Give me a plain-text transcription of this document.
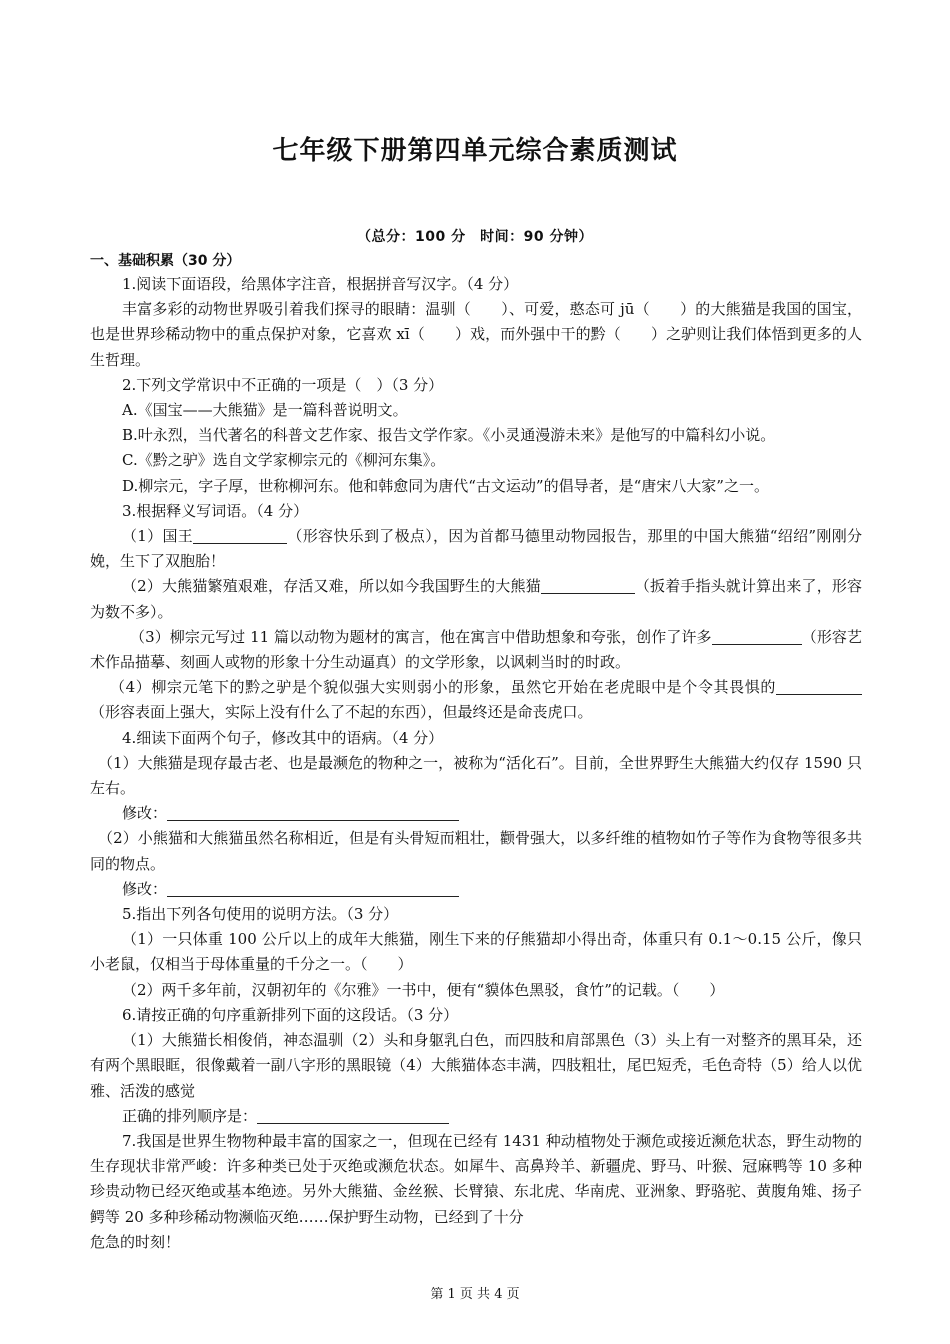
七年级下册第四单元综合素质测试
（总分：100 分　时间：90 分钟）
一、基础积累（30 分）

1.阅读下面语段，给黑体字注音，根据拼音写汉字。（4 分）

丰富多彩的动物世界吸引着我们探寻的眼睛：温驯（　　）、可爱，憨态可 jū（　　）的大熊猫是我国的国宝，也是世界珍稀动物中的重点保护对象，它喜欢 xī（　　）戏，而外强中干的黔（　　）之驴则让我们体悟到更多的人生哲理。

2.下列文学常识中不正确的一项是（　）（3 分）

A.《国宝——大熊猫》是一篇科普说明文。

B.叶永烈，当代著名的科普文艺作家、报告文学作家。《小灵通漫游未来》是他写的中篇科幻小说。

C.《黔之驴》选自文学家柳宗元的《柳河东集》。

D.柳宗元，字子厚，世称柳河东。他和韩愈同为唐代“古文运动”的倡导者，是“唐宋八大家”之一。

3.根据释义写词语。（4 分）

（1）国王	（形容快乐到了极点），因为首都马德里动物园报告，那里的中国大熊猫“绍绍”刚刚分娩，生下了双胞胎！

（2）大熊猫繁殖艰难，存活又难，所以如今我国野生的大熊猫	（扳着手指头就计算出来了，形容为数不多）。

（3）柳宗元写过 11 篇以动物为题材的寓言，他在寓言中借助想象和夸张，创作了许多	（形容艺术作品描摹、刻画人或物的形象十分生动逼真）的文学形象，以讽刺当时的时政。

（4）柳宗元笔下的黔之驴是个貌似强大实则弱小的形象，虽然它开始在老虎眼中是个令其畏惧的（形容表面上强大，实际上没有什么了不起的东西），但最终还是命丧虎口。

4.细读下面两个句子，修改其中的语病。（4 分）

（1）大熊猫是现存最古老、也是最濒危的物种之一，被称为“活化石”。目前，全世界野生大熊猫大约仅存 1590 只左右。

修改：

（2）小熊猫和大熊猫虽然名称相近，但是有头骨短而粗壮，颧骨强大，以多纤维的植物如竹子等作为食物等很多共同的物点。

修改：

5.指出下列各句使用的说明方法。（3 分）

（1）一只体重 100 公斤以上的成年大熊猫，刚生下来的仔熊猫却小得出奇，体重只有 0.1～0.15 公斤，像只小老鼠，仅相当于母体重量的千分之一。（　　）

（2）两千多年前，汉朝初年的《尔雅》一书中，便有“貘体色黑驳，食竹”的记载。（　　）

6.请按正确的句序重新排列下面的这段话。（3 分）

（1）大熊猫长相俊俏，神态温驯（2）头和身躯乳白色，而四肢和肩部黑色（3）头上有一对整齐的黑耳朵，还有两个黑眼眶，很像戴着一副八字形的黑眼镜（4）大熊猫体态丰满，四肢粗壮，尾巴短秃，毛色奇特（5）给人以优雅、活泼的感觉

正确的排列顺序是：

7.我国是世界生物物种最丰富的国家之一，但现在已经有 1431 种动植物处于濒危或接近濒危状态，野生动物的生存现状非常严峻：许多种类已处于灭绝或濒危状态。如犀牛、高鼻羚羊、新疆虎、野马、叶猴、冠麻鸭等 10 多种珍贵动物已经灭绝或基本绝迹。另外大熊猫、金丝猴、长臂猿、东北虎、华南虎、亚洲象、野骆驼、黄腹角雉、扬子鳄等 20 多种珍稀动物濒临灭绝……保护野生动物，已经到了十分

危急的时刻！

第 1 页 共 4 页
